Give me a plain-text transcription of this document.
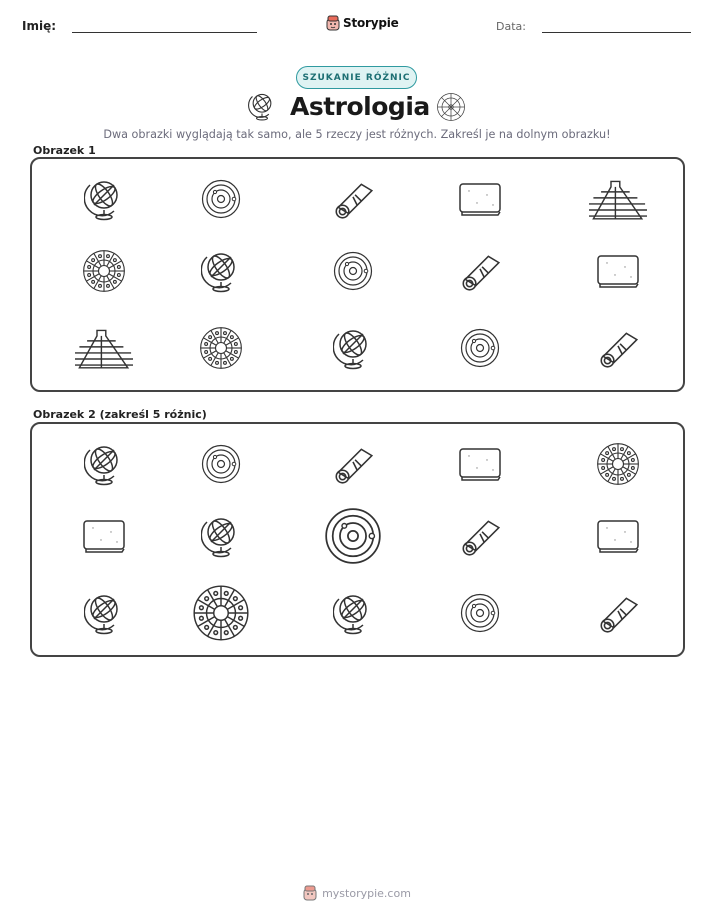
Imię:	Storypie	Data:
SZUKANIE RÓŻNIC
Astrologia
Dwa obrazki wyglądają tak samo, ale 5 rzeczy jest różnych. Zakreśl je na dolnym obrazku!
Obrazek 1
Obrazek 2 (zakreśl 5 różnic)
mystorypie.com
